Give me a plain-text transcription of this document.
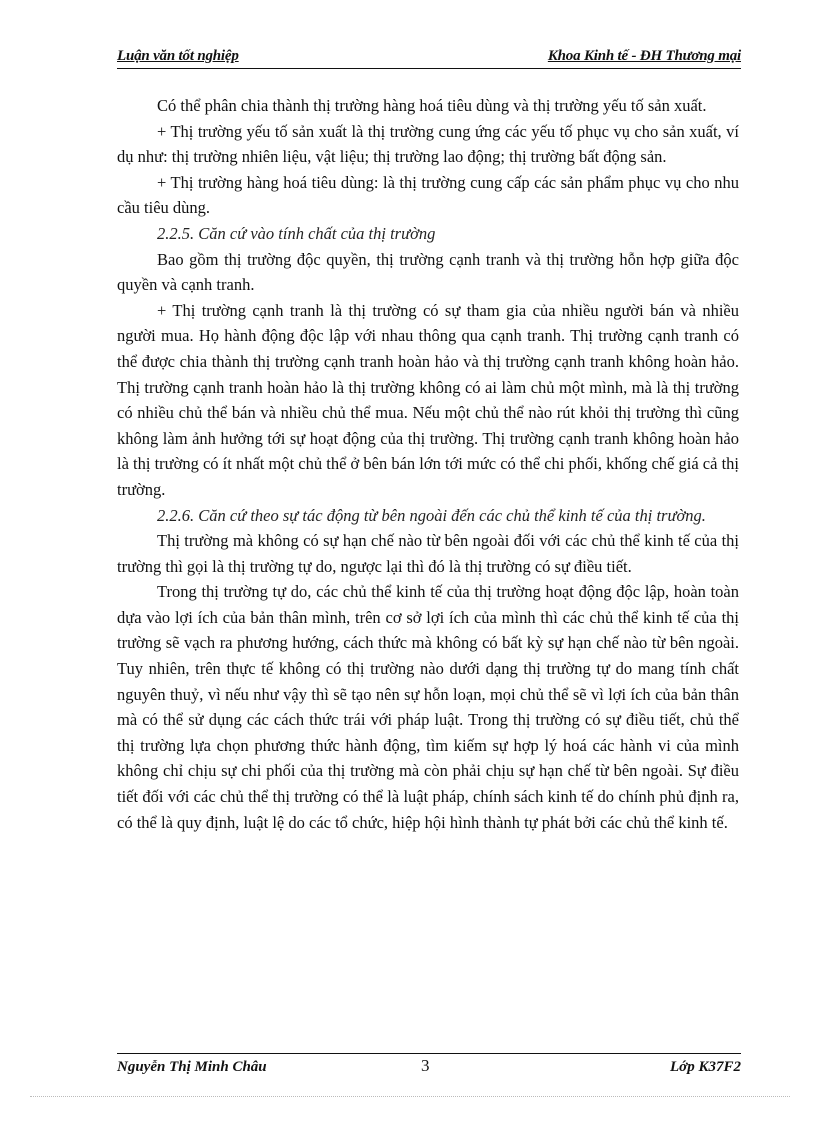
Luận văn tốt nghiệp	Khoa Kinh tế - ĐH Thương mại

Có thể phân chia thành thị trường hàng hoá tiêu dùng và thị trường yếu tố sản xuất.

+ Thị trường yếu tố sản xuất là thị trường cung ứng các yếu tố phục vụ cho sản xuất, ví dụ như: thị trường nhiên liệu, vật liệu; thị trường lao động; thị trường bất động sản.

+ Thị trường hàng hoá tiêu dùng: là thị trường cung cấp các sản phẩm phục vụ cho nhu cầu tiêu dùng.

2.2.5. Căn cứ vào tính chất của thị trường

Bao gồm thị trường độc quyền, thị trường cạnh tranh và thị trường hỗn hợp giữa độc quyền và cạnh tranh.

+ Thị trường cạnh tranh là thị trường có sự tham gia của nhiều người bán và nhiều người mua. Họ hành động độc lập với nhau thông qua cạnh tranh. Thị trường cạnh tranh có thể được chia thành thị trường cạnh tranh hoàn hảo và thị trường cạnh tranh không hoàn hảo. Thị trường cạnh tranh hoàn hảo là thị trường không có ai làm chủ một mình, mà là thị trường có nhiều chủ thể bán và nhiều chủ thể mua. Nếu một chủ thể nào rút khỏi thị trường thì cũng không làm ảnh hưởng tới sự hoạt động của thị trường. Thị trường cạnh tranh không hoàn hảo là thị trường có ít nhất một chủ thể ở bên bán lớn tới mức có thể chi phối, khống chế giá cả thị trường.

2.2.6. Căn cứ theo sự tác động từ bên ngoài đến các chủ thể kinh tế của thị trường.

Thị trường mà không có sự hạn chế nào từ bên ngoài đối với các chủ thể kinh tế của thị trường thì gọi là thị trường tự do, ngược lại thì đó là thị trường có sự điều tiết.

Trong thị trường tự do, các chủ thể kinh tế của thị trường hoạt động độc lập, hoàn toàn dựa vào lợi ích của bản thân mình, trên cơ sở lợi ích của mình thì các chủ thể kinh tế của thị trường sẽ vạch ra phương hướng, cách thức mà không có bất kỳ sự hạn chế nào từ bên ngoài. Tuy nhiên, trên thực tế không có thị trường nào dưới dạng thị trường tự do mang tính chất nguyên thuỷ, vì nếu như vậy thì sẽ tạo nên sự hỗn loạn, mọi chủ thể sẽ vì lợi ích của bản thân mà có thể sử dụng các cách thức trái với pháp luật. Trong thị trường có sự điều tiết, chủ thể thị trường lựa chọn phương thức hành động, tìm kiếm sự hợp lý hoá các hành vi của mình không chỉ chịu sự chi phối của thị trường mà còn phải chịu sự hạn chế từ bên ngoài. Sự điều tiết đối với các chủ thể thị trường có thể là luật pháp, chính sách kinh tế do chính phủ định ra, có thể là quy định, luật lệ do các tổ chức, hiệp hội hình thành tự phát bởi các chủ thể kinh tế.

Nguyễn Thị Minh Châu	3	Lớp K37F2
